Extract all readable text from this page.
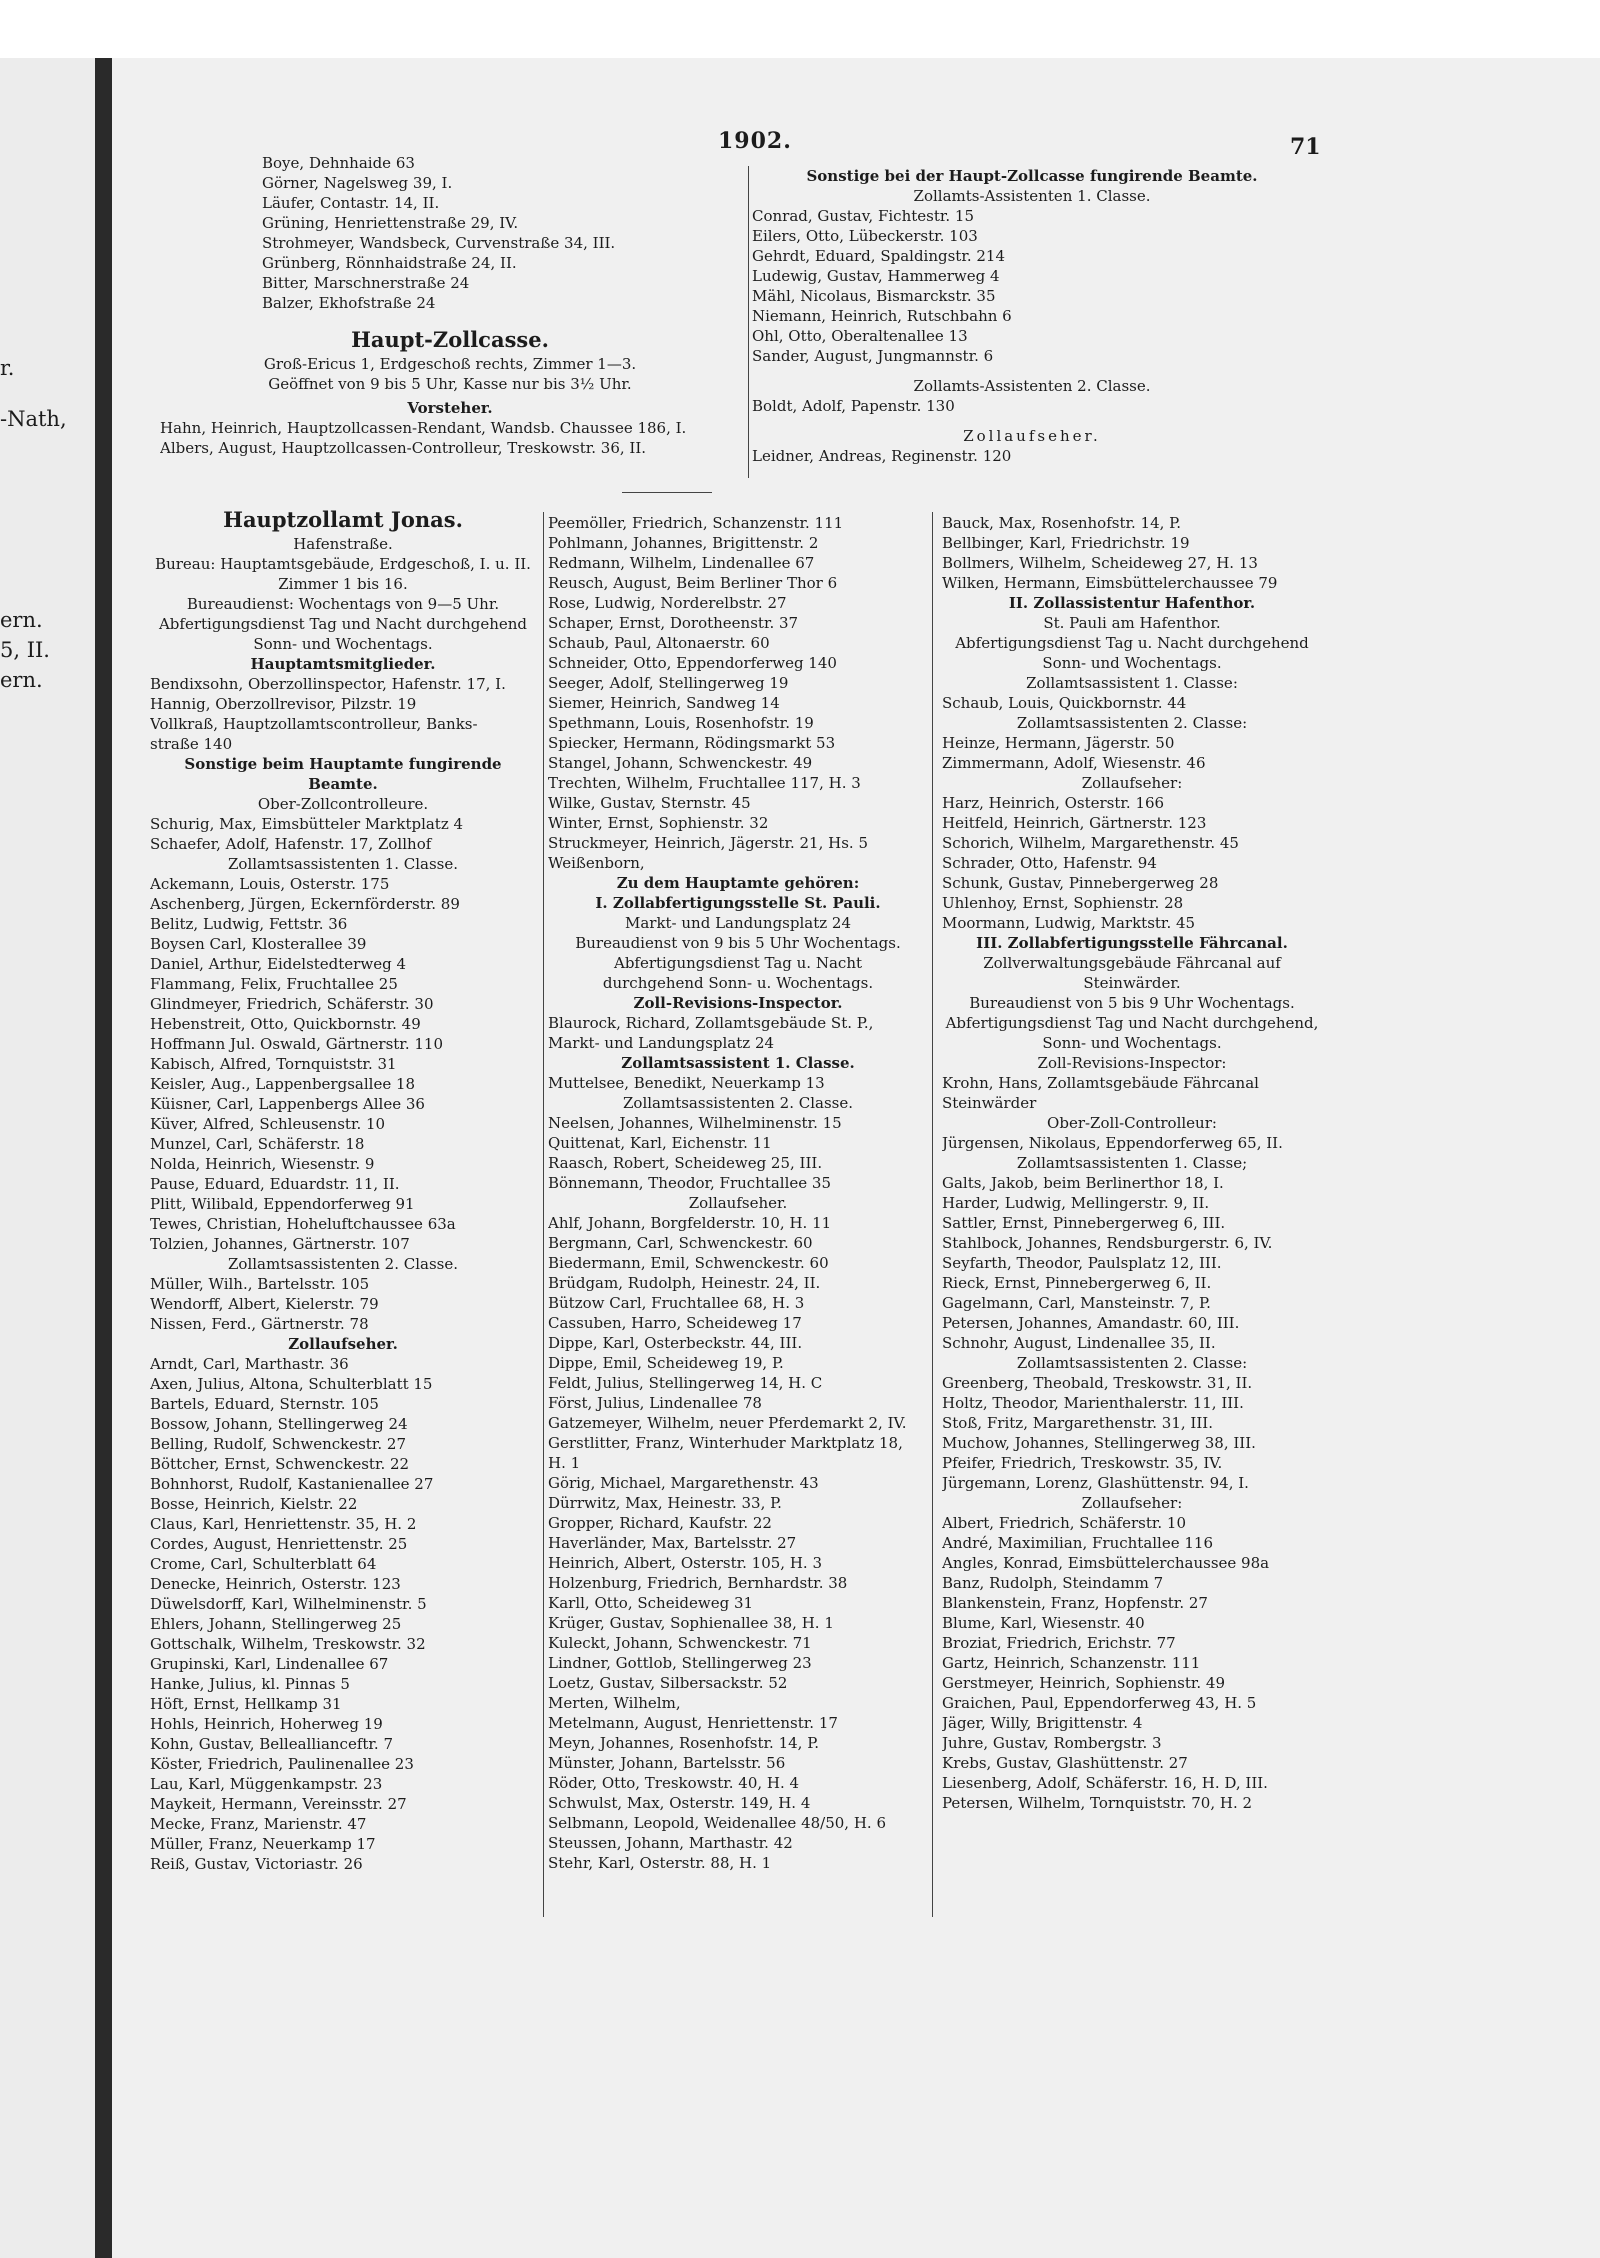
r.
-Nath,
ern.
5, II.
ern.
1902.	71
Boye, Dehnhaide 63
Görner, Nagelsweg 39, I.
Läufer, Contastr. 14, II.
Grüning, Henriettenstraße 29, IV.
Strohmeyer, Wandsbeck, Curvenstraße 34, III.
Grünberg, Rönnhaidstraße 24, II.
Bitter, Marschnerstraße 24
Balzer, Ekhofstraße 24
Haupt-Zollcasse.
Groß-Ericus 1, Erdgeschoß rechts, Zimmer 1—3.
Geöffnet von 9 bis 5 Uhr, Kasse nur bis 3½ Uhr.
Vorsteher.
Hahn, Heinrich, Hauptzollcassen-Rendant, Wandsb. Chaussee 186, I.
Albers, August, Hauptzollcassen-Controlleur, Treskowstr. 36, II.
Sonstige bei der Haupt-Zollcasse fungirende Beamte.
Zollamts-Assistenten 1. Classe.
Conrad, Gustav, Fichtestr. 15
Eilers, Otto, Lübeckerstr. 103
Gehrdt, Eduard, Spaldingstr. 214
Ludewig, Gustav, Hammerweg 4
Mähl, Nicolaus, Bismarckstr. 35
Niemann, Heinrich, Rutschbahn 6
Ohl, Otto, Oberaltenallee 13
Sander, August, Jungmannstr. 6
Zollamts-Assistenten 2. Classe.
Boldt, Adolf, Papenstr. 130
Zollaufseher.
Leidner, Andreas, Reginenstr. 120
Hauptzollamt Jonas.
Hafenstraße.
Bureau: Hauptamtsgebäude, Erdgeschoß, I. u. II.
Zimmer 1 bis 16.
Bureaudienst: Wochentags von 9—5 Uhr.
Abfertigungsdienst Tag und Nacht durchgehend
Sonn- und Wochentags.
Hauptamtsmitglieder.
Bendixsohn, Oberzollinspector, Hafenstr. 17, I.
Hannig, Oberzollrevisor, Pilzstr. 19
Vollkraß, Hauptzollamtscontrolleur, Banks-
straße 140
Sonstige beim Hauptamte fungirende
Beamte.
Ober-Zollcontrolleure.
Schurig, Max, Eimsbütteler Marktplatz 4
Schaefer, Adolf, Hafenstr. 17, Zollhof
Zollamtsassistenten 1. Classe.
Ackemann, Louis, Osterstr. 175
Aschenberg, Jürgen, Eckernförderstr. 89
Belitz, Ludwig, Fettstr. 36
Boysen Carl, Klosterallee 39
Daniel, Arthur, Eidelstedterweg 4
Flammang, Felix, Fruchtallee 25
Glindmeyer, Friedrich, Schäferstr. 30
Hebenstreit, Otto, Quickbornstr. 49
Hoffmann Jul. Oswald, Gärtnerstr. 110
Kabisch, Alfred, Tornquiststr. 31
Keisler, Aug., Lappenbergsallee 18
Küisner, Carl, Lappenbergs Allee 36
Küver, Alfred, Schleusenstr. 10
Munzel, Carl, Schäferstr. 18
Nolda, Heinrich, Wiesenstr. 9
Pause, Eduard, Eduardstr. 11, II.
Plitt, Wilibald, Eppendorferweg 91
Tewes, Christian, Hoheluftchaussee 63a
Tolzien, Johannes, Gärtnerstr. 107
Zollamtsassistenten 2. Classe.
Müller, Wilh., Bartelsstr. 105
Wendorff, Albert, Kielerstr. 79
Nissen, Ferd., Gärtnerstr. 78
Zollaufseher.
Arndt, Carl, Marthastr. 36
Axen, Julius, Altona, Schulterblatt 15
Bartels, Eduard, Sternstr. 105
Bossow, Johann, Stellingerweg 24
Belling, Rudolf, Schwenckestr. 27
Böttcher, Ernst, Schwenckestr. 22
Bohnhorst, Rudolf, Kastanienallee 27
Bosse, Heinrich, Kielstr. 22
Claus, Karl, Henriettenstr. 35, H. 2
Cordes, August, Henriettenstr. 25
Crome, Carl, Schulterblatt 64
Denecke, Heinrich, Osterstr. 123
Düwelsdorff, Karl, Wilhelminenstr. 5
Ehlers, Johann, Stellingerweg 25
Gottschalk, Wilhelm, Treskowstr. 32
Grupinski, Karl, Lindenallee 67
Hanke, Julius, kl. Pinnas 5
Höft, Ernst, Hellkamp 31
Hohls, Heinrich, Hoherweg 19
Kohn, Gustav, Belleallianceftr. 7
Köster, Friedrich, Paulinenallee 23
Lau, Karl, Müggenkampstr. 23
Maykeit, Hermann, Vereinsstr. 27
Mecke, Franz, Marienstr. 47
Müller, Franz, Neuerkamp 17
Reiß, Gustav, Victoriastr. 26
Peemöller, Friedrich, Schanzenstr. 111
Pohlmann, Johannes, Brigittenstr. 2
Redmann, Wilhelm, Lindenallee 67
Reusch, August, Beim Berliner Thor 6
Rose, Ludwig, Norderelbstr. 27
Schaper, Ernst, Dorotheenstr. 37
Schaub, Paul, Altonaerstr. 60
Schneider, Otto, Eppendorferweg 140
Seeger, Adolf, Stellingerweg 19
Siemer, Heinrich, Sandweg 14
Spethmann, Louis, Rosenhofstr. 19
Spiecker, Hermann, Rödingsmarkt 53
Stangel, Johann, Schwenckestr. 49
Trechten, Wilhelm, Fruchtallee 117, H. 3
Wilke, Gustav, Sternstr. 45
Winter, Ernst, Sophienstr. 32
Struckmeyer, Heinrich, Jägerstr. 21, Hs. 5
Weißenborn,
Zu dem Hauptamte gehören:
I. Zollabfertigungsstelle St. Pauli.
Markt- und Landungsplatz 24
Bureaudienst von 9 bis 5 Uhr Wochentags.
Abfertigungsdienst Tag u. Nacht
durchgehend Sonn- u. Wochentags.
Zoll-Revisions-Inspector.
Blaurock, Richard, Zollamtsgebäude St. P.,
Markt- und Landungsplatz 24
Zollamtsassistent 1. Classe.
Muttelsee, Benedikt, Neuerkamp 13
Zollamtsassistenten 2. Classe.
Neelsen, Johannes, Wilhelminenstr. 15
Quittenat, Karl, Eichenstr. 11
Raasch, Robert, Scheideweg 25, III.
Bönnemann, Theodor, Fruchtallee 35
Zollaufseher.
Ahlf, Johann, Borgfelderstr. 10, H. 11
Bergmann, Carl, Schwenckestr. 60
Biedermann, Emil, Schwenckestr. 60
Brüdgam, Rudolph, Heinestr. 24, II.
Bützow Carl, Fruchtallee 68, H. 3
Cassuben, Harro, Scheideweg 17
Dippe, Karl, Osterbeckstr. 44, III.
Dippe, Emil, Scheideweg 19, P.
Feldt, Julius, Stellingerweg 14, H. C
Först, Julius, Lindenallee 78
Gatzemeyer, Wilhelm, neuer Pferdemarkt 2, IV.
Gerstlitter, Franz, Winterhuder Marktplatz 18,
H. 1
Görig, Michael, Margarethenstr. 43
Dürrwitz, Max, Heinestr. 33, P.
Gropper, Richard, Kaufstr. 22
Haverländer, Max, Bartelsstr. 27
Heinrich, Albert, Osterstr. 105, H. 3
Holzenburg, Friedrich, Bernhardstr. 38
Karll, Otto, Scheideweg 31
Krüger, Gustav, Sophienallee 38, H. 1
Kuleckt, Johann, Schwenckestr. 71
Lindner, Gottlob, Stellingerweg 23
Loetz, Gustav, Silbersackstr. 52
Merten, Wilhelm,
Metelmann, August, Henriettenstr. 17
Meyn, Johannes, Rosenhofstr. 14, P.
Münster, Johann, Bartelsstr. 56
Röder, Otto, Treskowstr. 40, H. 4
Schwulst, Max, Osterstr. 149, H. 4
Selbmann, Leopold, Weidenallee 48/50, H. 6
Steussen, Johann, Marthastr. 42
Stehr, Karl, Osterstr. 88, H. 1
Bauck, Max, Rosenhofstr. 14, P.
Bellbinger, Karl, Friedrichstr. 19
Bollmers, Wilhelm, Scheideweg 27, H. 13
Wilken, Hermann, Eimsbüttelerchaussee 79
II. Zollassistentur Hafenthor.
St. Pauli am Hafenthor.
Abfertigungsdienst Tag u. Nacht durchgehend
Sonn- und Wochentags.
Zollamtsassistent 1. Classe:
Schaub, Louis, Quickbornstr. 44
Zollamtsassistenten 2. Classe:
Heinze, Hermann, Jägerstr. 50
Zimmermann, Adolf, Wiesenstr. 46
Zollaufseher:
Harz, Heinrich, Osterstr. 166
Heitfeld, Heinrich, Gärtnerstr. 123
Schorich, Wilhelm, Margarethenstr. 45
Schrader, Otto, Hafenstr. 94
Schunk, Gustav, Pinnebergerweg 28
Uhlenhoy, Ernst, Sophienstr. 28
Moormann, Ludwig, Marktstr. 45
III. Zollabfertigungsstelle Fährcanal.
Zollverwaltungsgebäude Fährcanal auf
Steinwärder.
Bureaudienst von 5 bis 9 Uhr Wochentags.
Abfertigungsdienst Tag und Nacht durchgehend,
Sonn- und Wochentags.
Zoll-Revisions-Inspector:
Krohn, Hans, Zollamtsgebäude Fährcanal
Steinwärder
Ober-Zoll-Controlleur:
Jürgensen, Nikolaus, Eppendorferweg 65, II.
Zollamtsassistenten 1. Classe;
Galts, Jakob, beim Berlinerthor 18, I.
Harder, Ludwig, Mellingerstr. 9, II.
Sattler, Ernst, Pinnebergerweg 6, III.
Stahlbock, Johannes, Rendsburgerstr. 6, IV.
Seyfarth, Theodor, Paulsplatz 12, III.
Rieck, Ernst, Pinnebergerweg 6, II.
Gagelmann, Carl, Mansteinstr. 7, P.
Petersen, Johannes, Amandastr. 60, III.
Schnohr, August, Lindenallee 35, II.
Zollamtsassistenten 2. Classe:
Greenberg, Theobald, Treskowstr. 31, II.
Holtz, Theodor, Marienthalerstr. 11, III.
Stoß, Fritz, Margarethenstr. 31, III.
Muchow, Johannes, Stellingerweg 38, III.
Pfeifer, Friedrich, Treskowstr. 35, IV.
Jürgemann, Lorenz, Glashüttenstr. 94, I.
Zollaufseher:
Albert, Friedrich, Schäferstr. 10
André, Maximilian, Fruchtallee 116
Angles, Konrad, Eimsbüttelerchaussee 98a
Banz, Rudolph, Steindamm 7
Blankenstein, Franz, Hopfenstr. 27
Blume, Karl, Wiesenstr. 40
Broziat, Friedrich, Erichstr. 77
Gartz, Heinrich, Schanzenstr. 111
Gerstmeyer, Heinrich, Sophienstr. 49
Graichen, Paul, Eppendorferweg 43, H. 5
Jäger, Willy, Brigittenstr. 4
Juhre, Gustav, Rombergstr. 3
Krebs, Gustav, Glashüttenstr. 27
Liesenberg, Adolf, Schäferstr. 16, H. D, III.
Petersen, Wilhelm, Tornquiststr. 70, H. 2
